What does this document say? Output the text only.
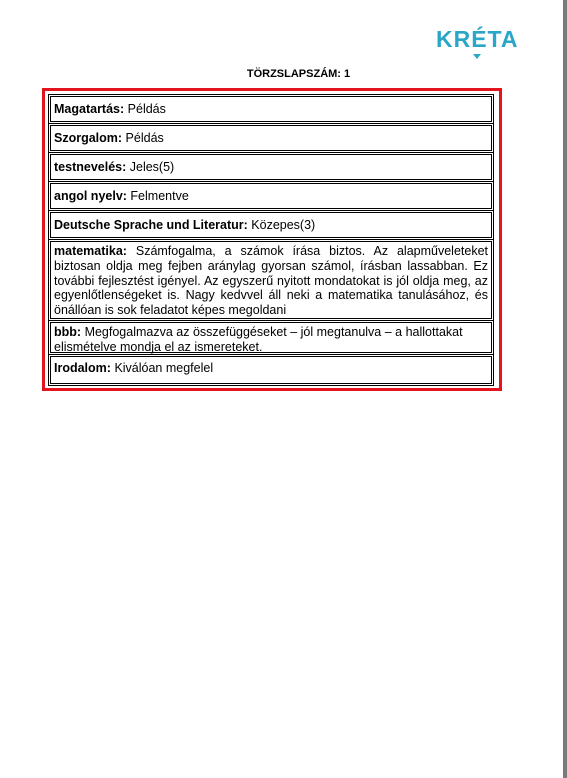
KRÉTA
TÖRZSLAPSZÁM: 1
Magatartás: Példás
Szorgalom: Példás
testnevelés: Jeles(5)
angol nyelv: Felmentve
Deutsche Sprache und Literatur: Közepes(3)
matematika: Számfogalma, a számok írása biztos. Az alapműveleteket biztosan oldja meg fejben aránylag gyorsan számol, írásban lassabban. Ez további fejlesztést igényel. Az egyszerű nyitott mondatokat is jól oldja meg, az egyenlőtlenségeket is. Nagy kedvvel áll neki a matematika tanulásához, és önállóan is sok feladatot képes megoldani
bbb: Megfogalmazva az összefüggéseket – jól megtanulva – a hallottakat elismételve mondja el az ismereteket.
Irodalom: Kiválóan megfelel
